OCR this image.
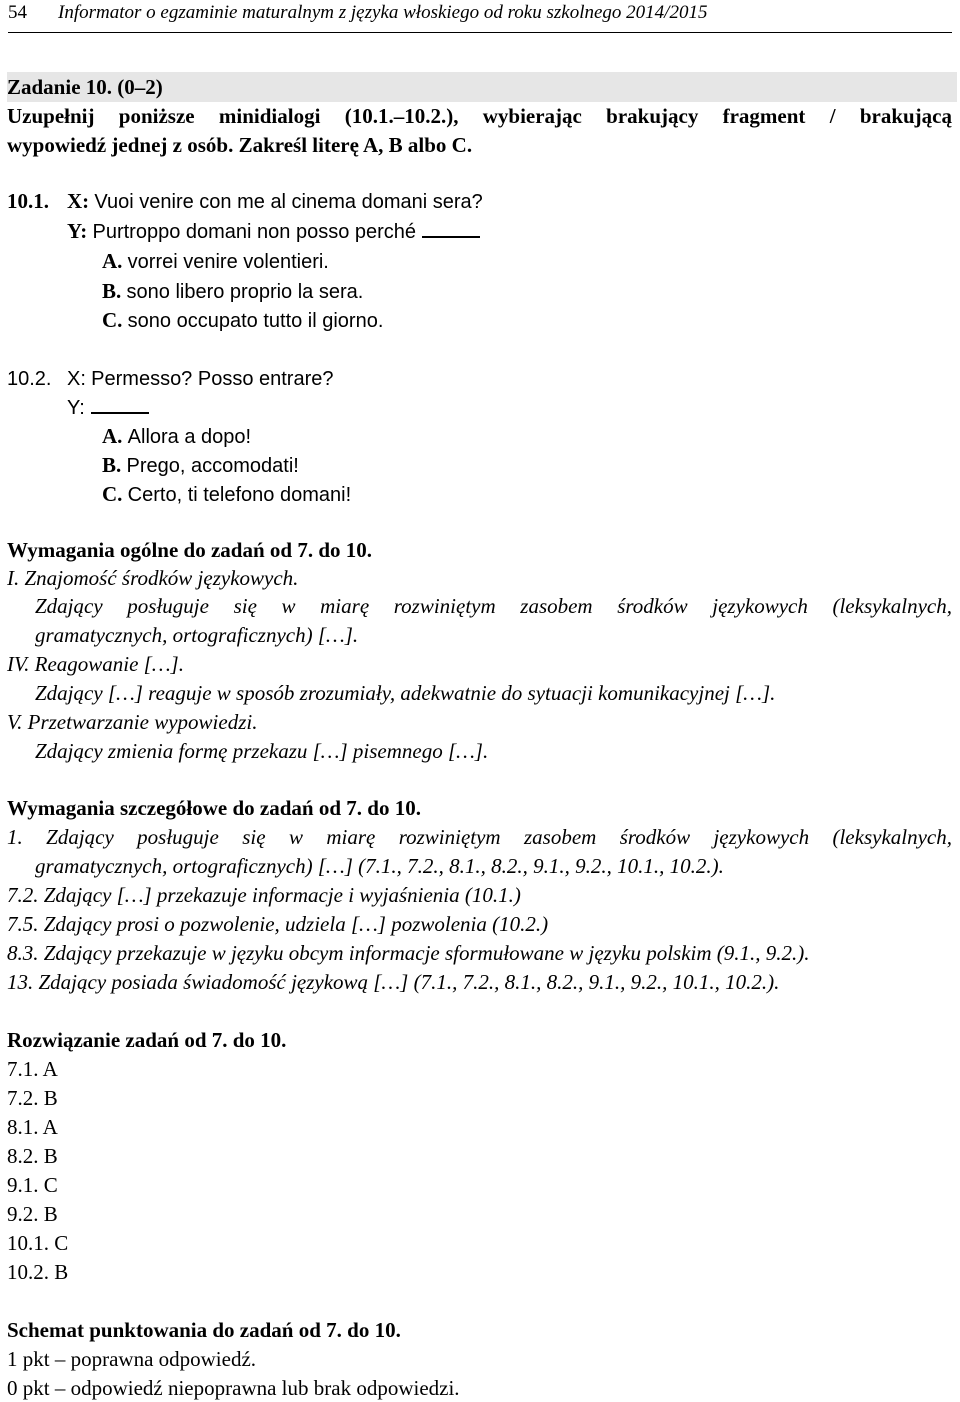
54 Informator o egzaminie maturalnym z języka włoskiego od roku szkolnego 2014/2015
Zadanie 10. (0–2)
Uzupełnij poniższe minidialogi (10.1.–10.2.), wybierając brakujący fragment / brakującą
wypowiedź jednej z osób. Zakreśl literę A, B albo C.
10.1. X: Vuoi venire con me al cinema domani sera?
Y: Purtroppo domani non posso perché
A. vorrei venire volentieri.
B. sono libero proprio la sera.
C. sono occupato tutto il giorno.
10.2. X: Permesso? Posso entrare?
Y:
A. Allora a dopo!
B. Prego, accomodati!
C. Certo, ti telefono domani!
Wymagania ogólne do zadań od 7. do 10.
I. Znajomość środków językowych.
Zdający posługuje się w miarę rozwiniętym zasobem środków językowych (leksykalnych,
gramatycznych, ortograficznych) […].
IV. Reagowanie […].
Zdający […] reaguje w sposób zrozumiały, adekwatnie do sytuacji komunikacyjnej […].
V. Przetwarzanie wypowiedzi.
Zdający zmienia formę przekazu […] pisemnego […].
Wymagania szczegółowe do zadań od 7. do 10.
1. Zdający posługuje się w miarę rozwiniętym zasobem środków językowych (leksykalnych,
gramatycznych, ortograficznych) […] (7.1., 7.2., 8.1., 8.2., 9.1., 9.2., 10.1., 10.2.).
7.2. Zdający […] przekazuje informacje i wyjaśnienia (10.1.)
7.5. Zdający prosi o pozwolenie, udziela […] pozwolenia (10.2.)
8.3. Zdający przekazuje w języku obcym informacje sformułowane w języku polskim (9.1., 9.2.).
13. Zdający posiada świadomość językową […] (7.1., 7.2., 8.1., 8.2., 9.1., 9.2., 10.1., 10.2.).
Rozwiązanie zadań od 7. do 10.
7.1. A
7.2. B
8.1. A
8.2. B
9.1. C
9.2. B
10.1. C
10.2. B
Schemat punktowania do zadań od 7. do 10.
1 pkt – poprawna odpowiedź.
0 pkt – odpowiedź niepoprawna lub brak odpowiedzi.
